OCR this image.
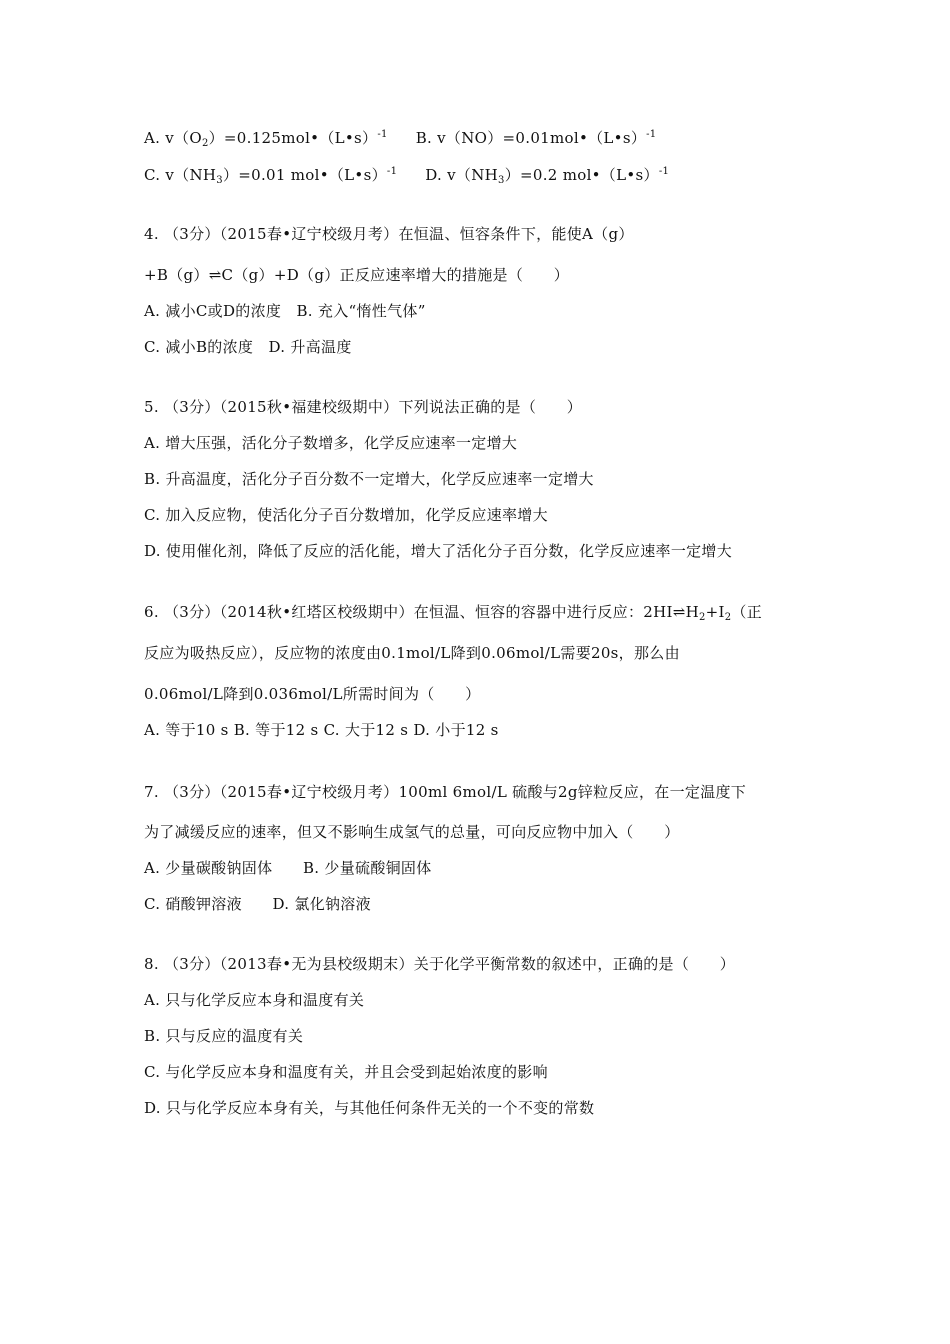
A. $v(O_2)=0.125mol•(L•s)^{-1}$ B. v（NO）=0.01mol•（L•s）$^{-1}$
C. $v(NH_3)=0.01$ mol•（L•s）$^{-1}$ D. $v(NH_3)=0.2$ mol•（L•s）$^{-1}$
4. （3分）（2015春•辽宁校级月考）在恒温、恒容条件下，能使A（g）
+B（g）⇌C（g）+D（g）正反应速率增大的措施是（　　）
A. 减小C或D的浓度　B. 充入“惰性气体”
C. 减小B的浓度　D. 升高温度
5. （3分）（2015秋•福建校级期中）下列说法正确的是（　　）
A. 增大压强，活化分子数增多，化学反应速率一定增大
B. 升高温度，活化分子百分数不一定增大，化学反应速率一定增大
C. 加入反应物，使活化分子百分数增加，化学反应速率增大
D. 使用催化剂，降低了反应的活化能，增大了活化分子百分数，化学反应速率一定增大
6. （3分）（2014秋•红塔区校级期中）在恒温、恒容的容器中进行反应：$2HI\rightleftharpoons H_2+I_2$（正
反应为吸热反应），反应物的浓度由0.1mol/L降到0.06mol/L需要20s，那么由
0.06mol/L降到0.036mol/L所需时间为（　　）
A. 等于10 s B. 等于12 s C. 大于12 s D. 小于12 s
7. （3分）（2015春•辽宁校级月考）100ml 6mol/L 硫酸与2g锌粒反应，在一定温度下
为了减缓反应的速率，但又不影响生成氢气的总量，可向反应物中加入（　　）
A. 少量碳酸钠固体　　B. 少量硫酸铜固体
C. 硝酸钾溶液　　D. 氯化钠溶液
8. （3分）（2013春•无为县校级期末）关于化学平衡常数的叙述中，正确的是（　　）
A. 只与化学反应本身和温度有关
B. 只与反应的温度有关
C. 与化学反应本身和温度有关，并且会受到起始浓度的影响
D. 只与化学反应本身有关，与其他任何条件无关的一个不变的常数
